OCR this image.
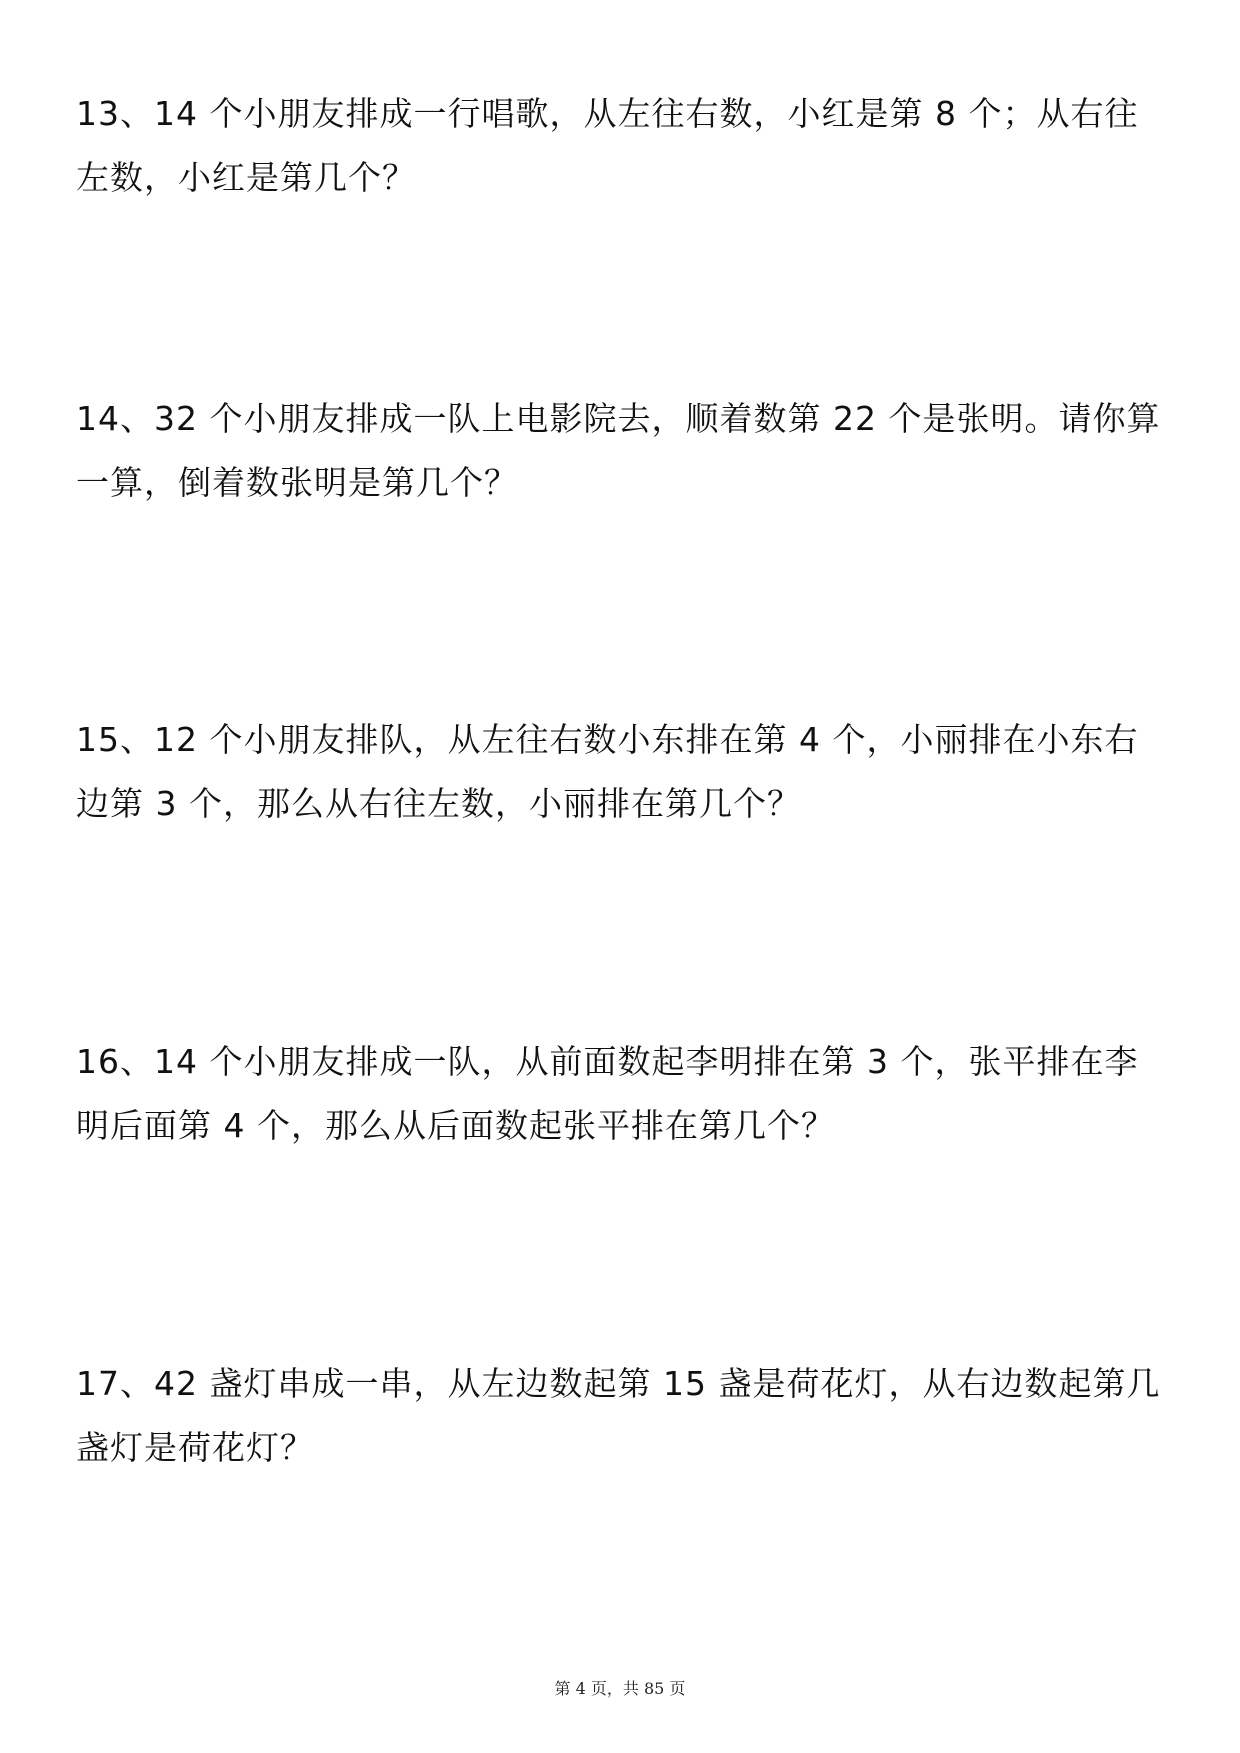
13、14 个小朋友排成一行唱歌，从左往右数，小红是第 8 个；从右往左数，小红是第几个？

14、32 个小朋友排成一队上电影院去，顺着数第 22 个是张明。请你算一算，倒着数张明是第几个？

15、12 个小朋友排队，从左往右数小东排在第 4 个，小丽排在小东右边第 3 个，那么从右往左数，小丽排在第几个？

16、14 个小朋友排成一队，从前面数起李明排在第 3 个，张平排在李明后面第 4 个，那么从后面数起张平排在第几个？

17、42 盏灯串成一串，从左边数起第 15 盏是荷花灯，从右边数起第几盏灯是荷花灯？

第 4 页，共 85 页
